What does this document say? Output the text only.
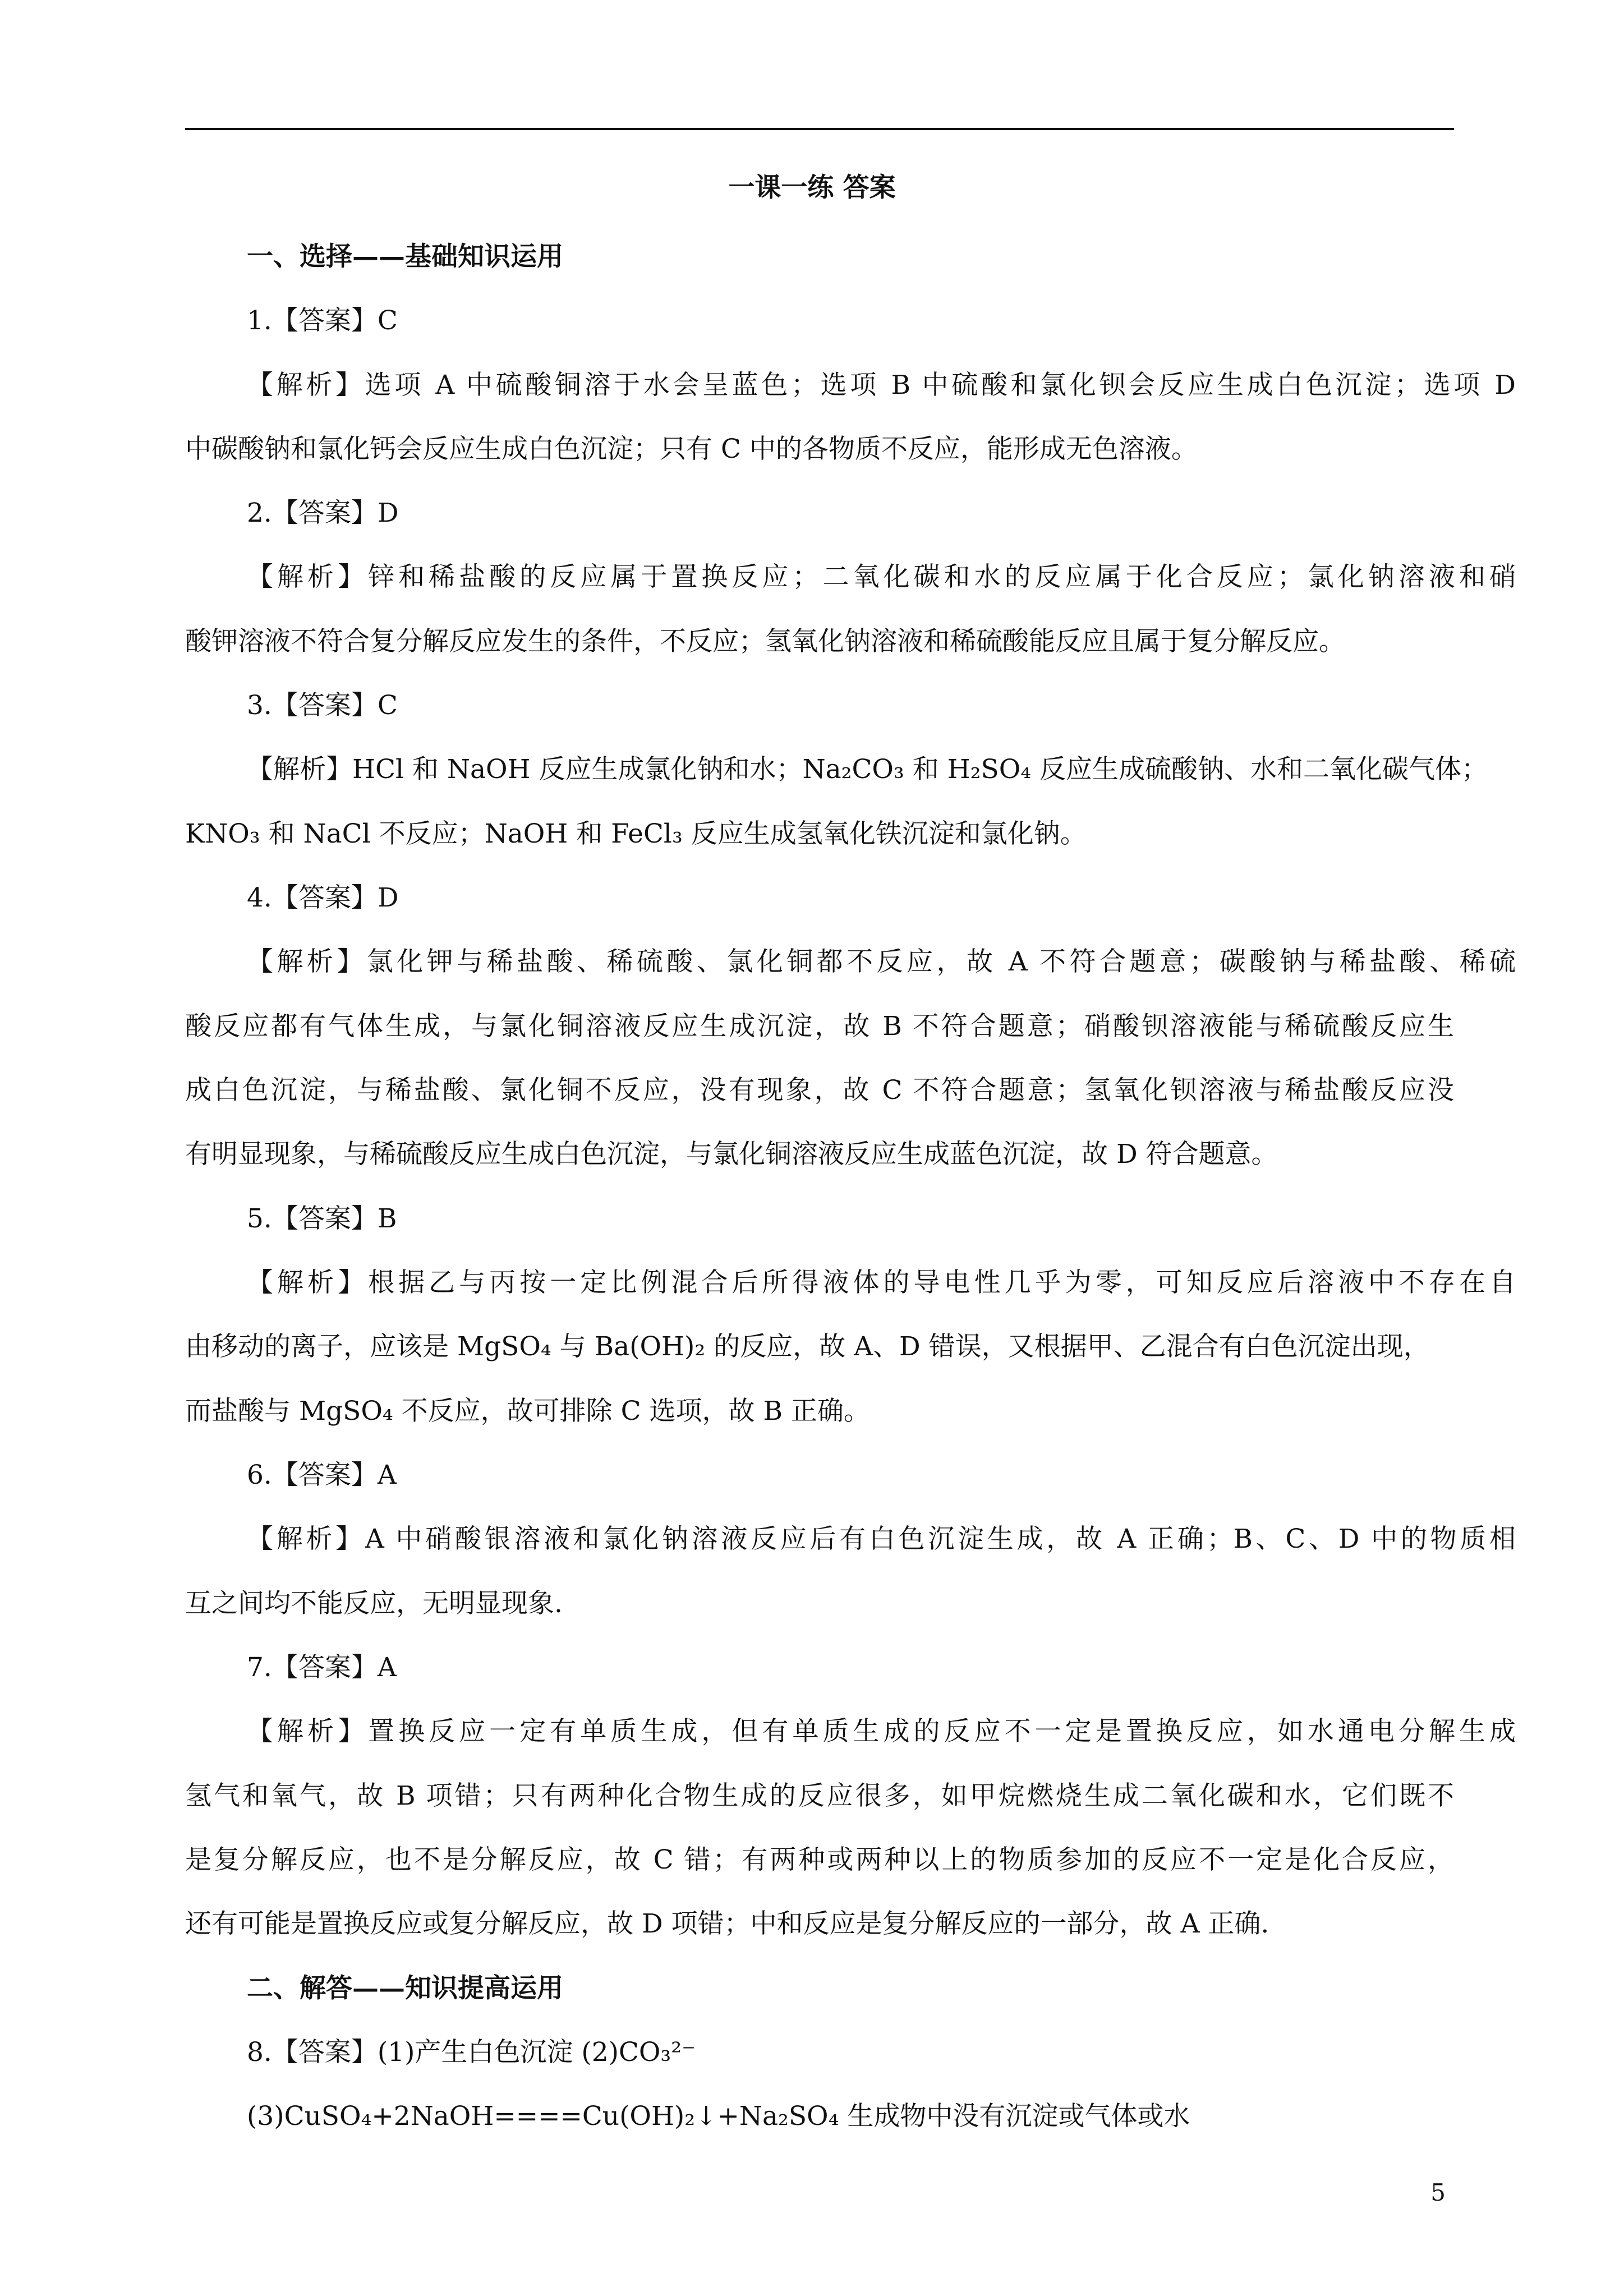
一课一练 答案
一、选择——基础知识运用
1.【答案】C
【解析】选项 A 中硫酸铜溶于水会呈蓝色；选项 B 中硫酸和氯化钡会反应生成白色沉淀；选项 D
中碳酸钠和氯化钙会反应生成白色沉淀；只有 C 中的各物质不反应，能形成无色溶液。
2.【答案】D
【解析】锌和稀盐酸的反应属于置换反应；二氧化碳和水的反应属于化合反应；氯化钠溶液和硝
酸钾溶液不符合复分解反应发生的条件，不反应；氢氧化钠溶液和稀硫酸能反应且属于复分解反应。
3.【答案】C
【解析】HCl 和 NaOH 反应生成氯化钠和水；Na₂CO₃ 和 H₂SO₄ 反应生成硫酸钠、水和二氧化碳气体；
KNO₃ 和 NaCl 不反应；NaOH 和 FeCl₃ 反应生成氢氧化铁沉淀和氯化钠。
4.【答案】D
【解析】氯化钾与稀盐酸、稀硫酸、氯化铜都不反应，故 A 不符合题意；碳酸钠与稀盐酸、稀硫
酸反应都有气体生成，与氯化铜溶液反应生成沉淀，故 B 不符合题意；硝酸钡溶液能与稀硫酸反应生
成白色沉淀，与稀盐酸、氯化铜不反应，没有现象，故 C 不符合题意；氢氧化钡溶液与稀盐酸反应没
有明显现象，与稀硫酸反应生成白色沉淀，与氯化铜溶液反应生成蓝色沉淀，故 D 符合题意。
5.【答案】B
【解析】根据乙与丙按一定比例混合后所得液体的导电性几乎为零，可知反应后溶液中不存在自
由移动的离子，应该是 MgSO₄ 与 Ba(OH)₂ 的反应，故 A、D 错误，又根据甲、乙混合有白色沉淀出现，
而盐酸与 MgSO₄ 不反应，故可排除 C 选项，故 B 正确。
6.【答案】A
【解析】A 中硝酸银溶液和氯化钠溶液反应后有白色沉淀生成，故 A 正确；B、C、D 中的物质相
互之间均不能反应，无明显现象.
7.【答案】A
【解析】置换反应一定有单质生成，但有单质生成的反应不一定是置换反应，如水通电分解生成
氢气和氧气，故 B 项错；只有两种化合物生成的反应很多，如甲烷燃烧生成二氧化碳和水，它们既不
是复分解反应，也不是分解反应，故 C 错；有两种或两种以上的物质参加的反应不一定是化合反应，
还有可能是置换反应或复分解反应，故 D 项错；中和反应是复分解反应的一部分，故 A 正确.
二、解答——知识提高运用
8.【答案】(1)产生白色沉淀 (2)CO₃²⁻
(3)CuSO₄+2NaOH====Cu(OH)₂↓+Na₂SO₄ 生成物中没有沉淀或气体或水
5
